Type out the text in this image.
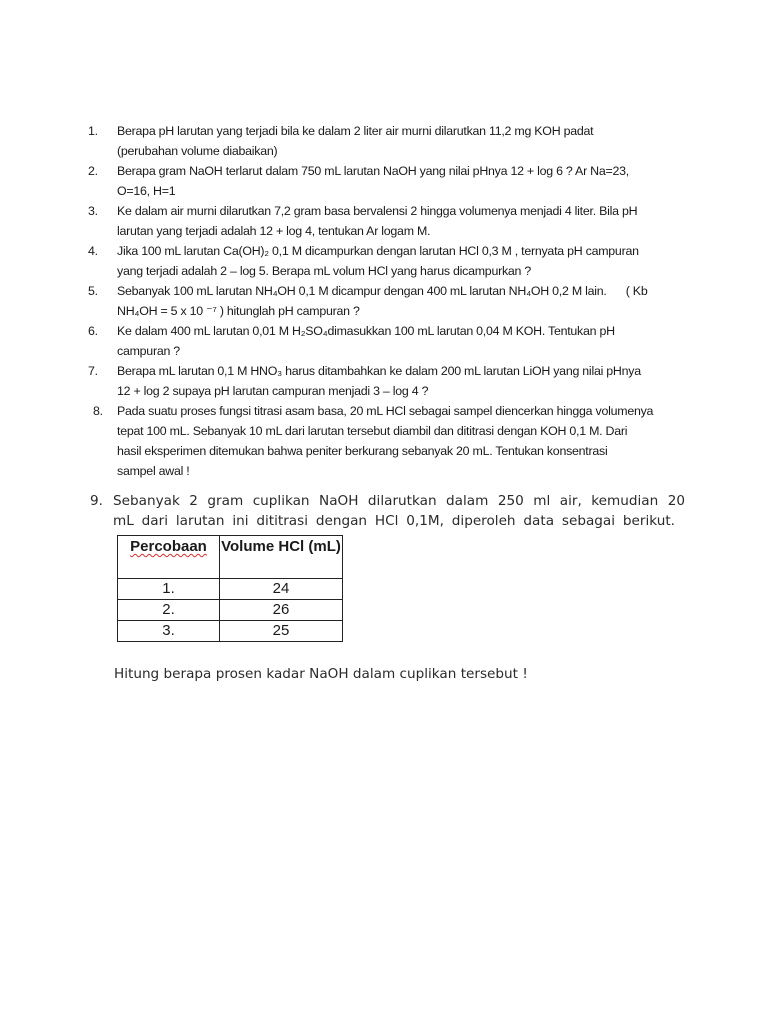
1.	Berapa pH larutan yang terjadi bila ke dalam 2 liter air murni dilarutkan 11,2 mg KOH padat
(perubahan volume diabaikan)
2.	Berapa gram NaOH terlarut dalam 750 mL larutan NaOH yang nilai pHnya 12 + log 6 ? Ar Na=23,
O=16, H=1
3.	Ke dalam air murni dilarutkan 7,2 gram basa bervalensi 2 hingga volumenya menjadi 4 liter. Bila pH
larutan yang terjadi adalah 12 + log 4, tentukan Ar logam M.
4.	Jika 100 mL larutan Ca(OH)₂ 0,1 M dicampurkan dengan larutan HCl 0,3 M , ternyata pH campuran
yang terjadi adalah 2 – log 5. Berapa mL volum HCl yang harus dicampurkan ?
5.	Sebanyak 100 mL larutan NH₄OH 0,1 M dicampur dengan 400 mL larutan NH₄OH 0,2 M lain.      ( Kb
NH₄OH = 5 x 10 ⁻⁷ ) hitunglah pH campuran ?
6.	Ke dalam 400 mL larutan 0,01 M H₂SO₄dimasukkan 100 mL larutan 0,04 M KOH. Tentukan pH
campuran ?
7.	Berapa mL larutan 0,1 M HNO₃ harus ditambahkan ke dalam 200 mL larutan LiOH yang nilai pHnya
12 + log 2 supaya pH larutan campuran menjadi 3 – log 4 ?
8.	Pada suatu proses fungsi titrasi asam basa, 20 mL HCl sebagai sampel diencerkan hingga volumenya
tepat 100 mL. Sebanyak 10 mL dari larutan tersebut diambil dan dititrasi dengan KOH 0,1 M. Dari
hasil eksperimen ditemukan bahwa peniter berkurang sebanyak 20 mL. Tentukan konsentrasi
sampel awal !
9. Sebanyak 2 gram cuplikan NaOH dilarutkan dalam 250 ml air, kemudian 20
mL dari larutan ini dititrasi dengan HCl 0,1M, diperoleh data sebagai berikut.
Percobaan	Volume HCl (mL)
1.	24
2.	26
3.	25
Hitung berapa prosen kadar NaOH dalam cuplikan tersebut !
